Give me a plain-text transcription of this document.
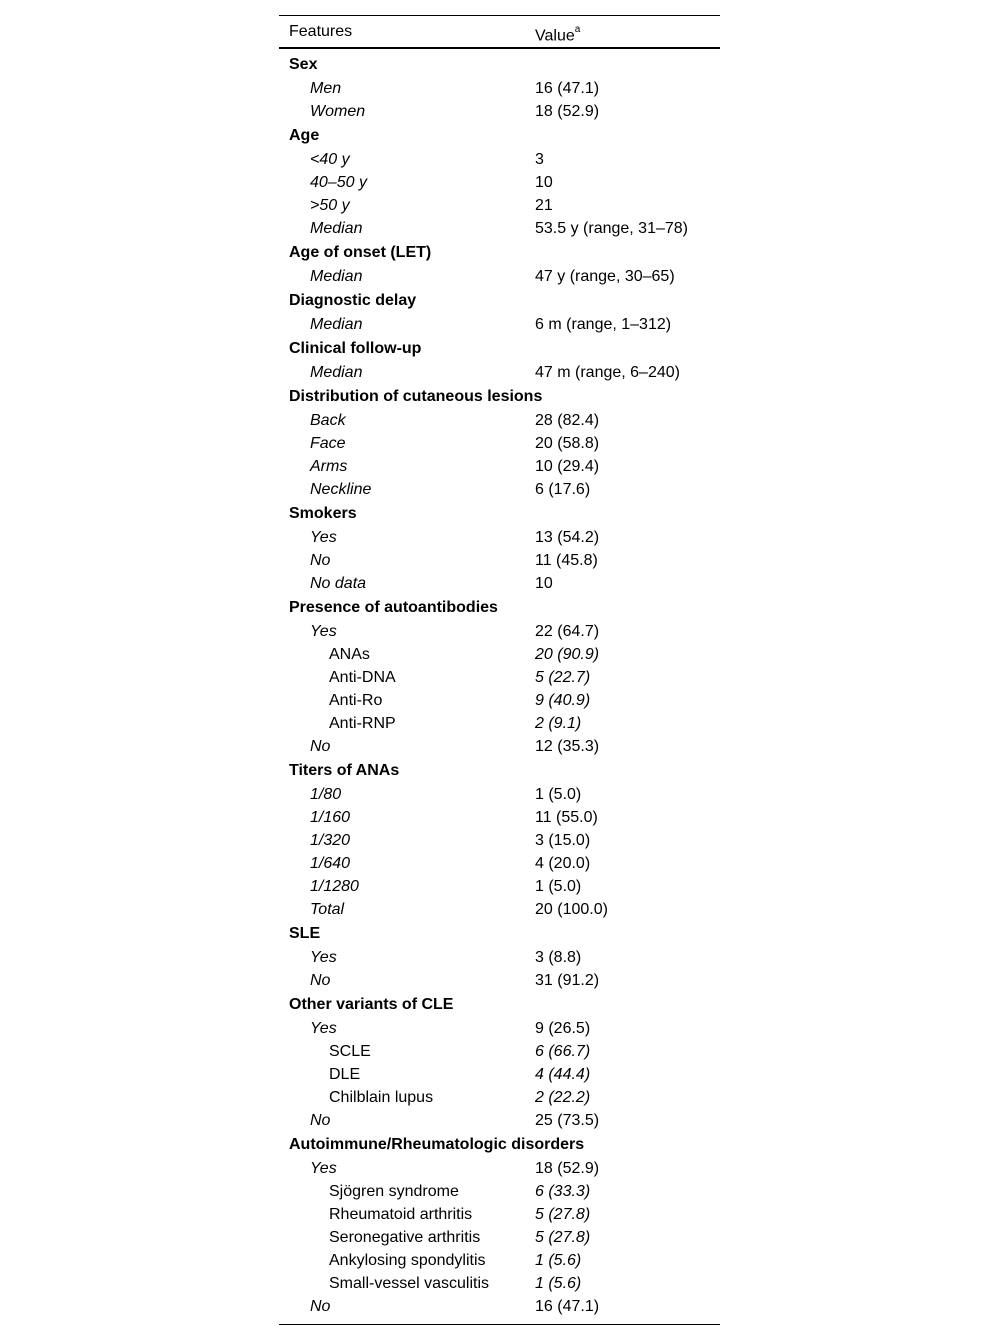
Features	Value$^a$
Sex
Men	16 (47.1)
Women	18 (52.9)
Age
<40 y	3
40–50 y	10
>50 y	21
Median	53.5 y (range, 31–78)
Age of onset (LET)
Median	47 y (range, 30–65)
Diagnostic delay
Median	6 m (range, 1–312)
Clinical follow-up
Median	47 m (range, 6–240)
Distribution of cutaneous lesions
Back	28 (82.4)
Face	20 (58.8)
Arms	10 (29.4)
Neckline	6 (17.6)
Smokers
Yes	13 (54.2)
No	11 (45.8)
No data	10
Presence of autoantibodies
Yes	22 (64.7)
ANAs	20 (90.9)
Anti-DNA	5 (22.7)
Anti-Ro	9 (40.9)
Anti-RNP	2 (9.1)
No	12 (35.3)
Titers of ANAs
1/80	1 (5.0)
1/160	11 (55.0)
1/320	3 (15.0)
1/640	4 (20.0)
1/1280	1 (5.0)
Total	20 (100.0)
SLE
Yes	3 (8.8)
No	31 (91.2)
Other variants of CLE
Yes	9 (26.5)
SCLE	6 (66.7)
DLE	4 (44.4)
Chilblain lupus	2 (22.2)
No	25 (73.5)
Autoimmune/Rheumatologic disorders
Yes	18 (52.9)
Sjögren syndrome	6 (33.3)
Rheumatoid arthritis	5 (27.8)
Seronegative arthritis	5 (27.8)
Ankylosing spondylitis	1 (5.6)
Small-vessel vasculitis	1 (5.6)
No	16 (47.1)
